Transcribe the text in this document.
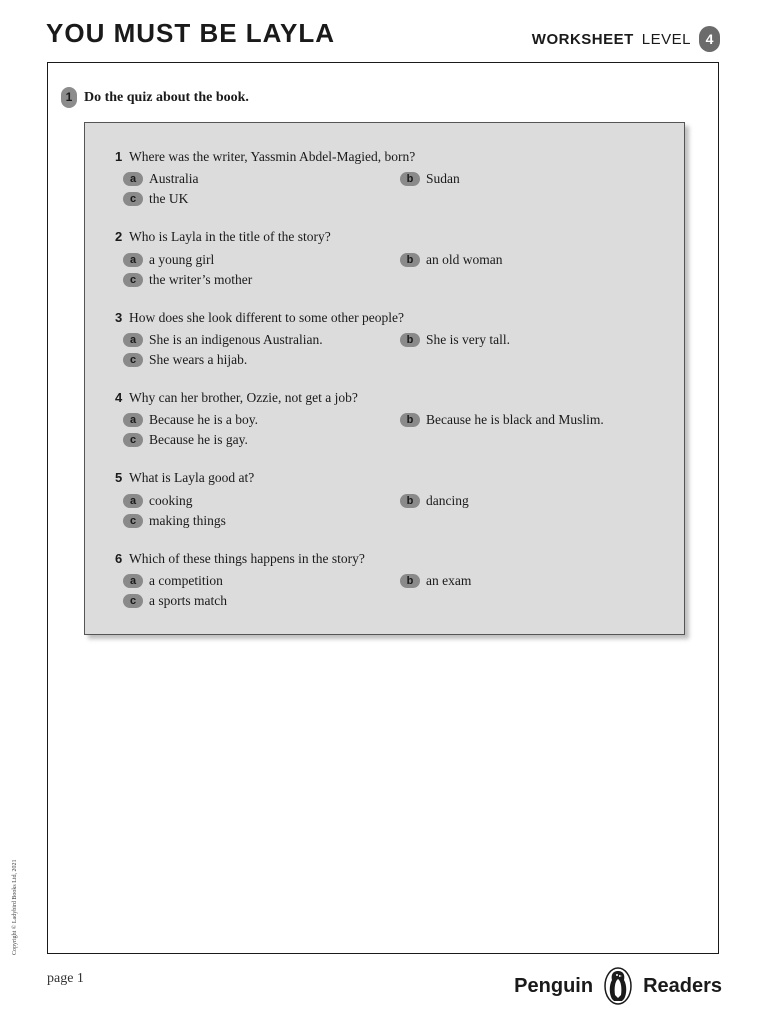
YOU MUST BE LAYLA	WORKSHEET LEVEL	4
1 Do the quiz about the book.
1 Where was the writer, Yassmin Abdel-Magied, born?
a Australia	b Sudan
c the UK
2 Who is Layla in the title of the story?
a a young girl	b an old woman
c the writer’s mother
3 How does she look different to some other people?
a She is an indigenous Australian.	b She is very tall.
c She wears a hijab.
4 Why can her brother, Ozzie, not get a job?
a Because he is a boy.	b Because he is black and Muslim.
c Because he is gay.
5 What is Layla good at?
a cooking	b dancing
c making things
6 Which of these things happens in the story?
a a competition	b an exam
c a sports match
Copyright © Ladybird Books Ltd, 2021
page 1	Penguin	Readers
